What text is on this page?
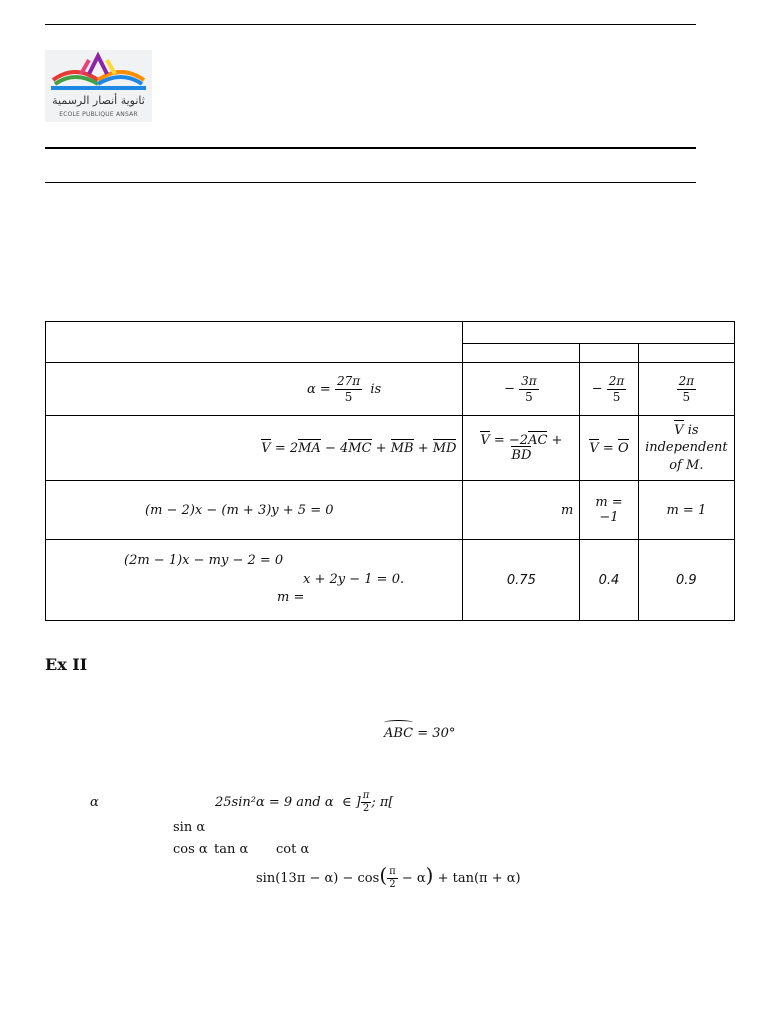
ثانوية أنصار الرسمية
ECOLE PUBLIQUE ANSAR

$\alpha = \frac{27\pi}{5}$ is	− $\frac{3\pi}{5}$	− $\frac{2\pi}{5}$	$\frac{2\pi}{5}$

V = 2MA − 4MC + MB + MD	V = −2AC + BD	V = O	V is
independent
of M.
(m − 2)x − (m + 3)y + 5 = 0	m	m = −1	m = 1

(2m − 1)x − my − 2 = 0
x + 2y − 1 = 0.
m =	0.75	0.4	0.9
Ex II
ABC
= 30°
α	25sin²α = 9 and α  ∈ ] $\frac{\pi}{2}$ ; π[
sin α
cos α tan α cot α
$\sin(13\pi - \alpha) - \cos( \frac{\pi}{2} - \alpha) + \tan(\pi + \alpha)$
